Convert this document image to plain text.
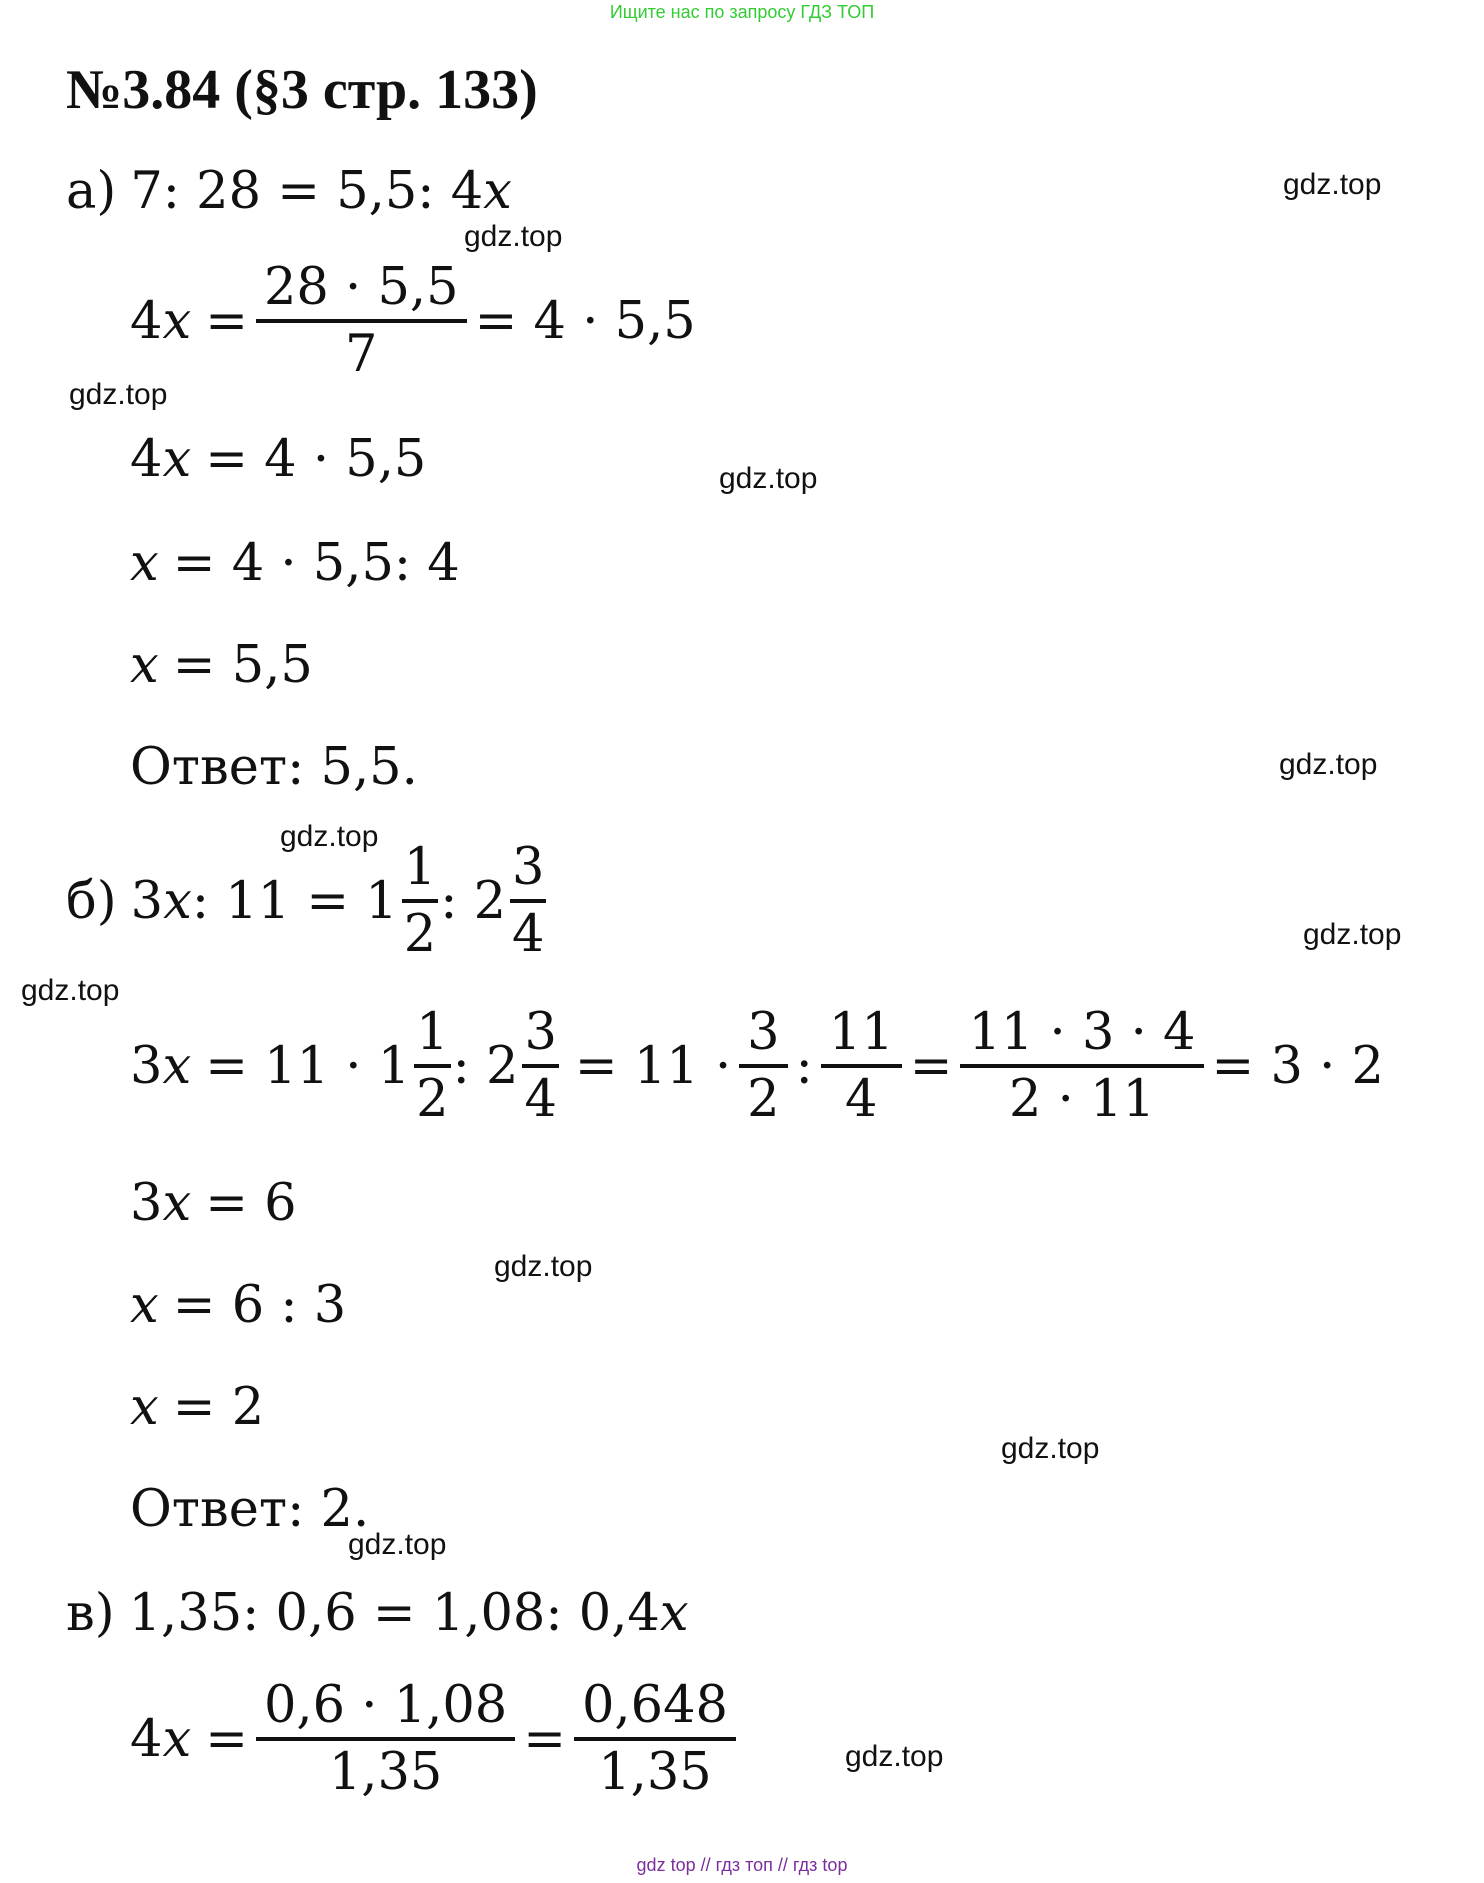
Ищите нас по запросу ГДЗ ТОП
№3.84 (§3 стр. 133)
а) 7: 28 = 5,5: 4 x
4 $x = \frac{28 \cdot 5,5}{7} = 4 \cdot 5,5$
4 x = 4 · 5,5
x = 4 · 5,5: 4
x = 5,5
Ответ: 5,5.
б) 3 x : $11 = 1 \frac{1}{2}$ : $2 \frac{3}{4}$
3 $x = 11 \cdot 1 \frac{1}{2}$ : $2 \frac{3}{4} = 11 \cdot \frac{3}{2}$ : $\frac{11}{4} = \frac{11 \cdot 3 \cdot 4}{2 \cdot 11} = 3 \cdot 2$
3 x = 6
x = 6 : 3
x = 2
Ответ: 2.
в) 1,35: 0,6 = 1,08: 0,4 x
4 $x = \frac{0,6 \cdot 1,08}{1,35} = \frac{0,648}{1,35}$
gdz.top
gdz.top
gdz.top
gdz.top
gdz.top
gdz.top
gdz.top
gdz.top
gdz.top
gdz.top
gdz.top
gdz.top
gdz top // гдз топ // гдз top
